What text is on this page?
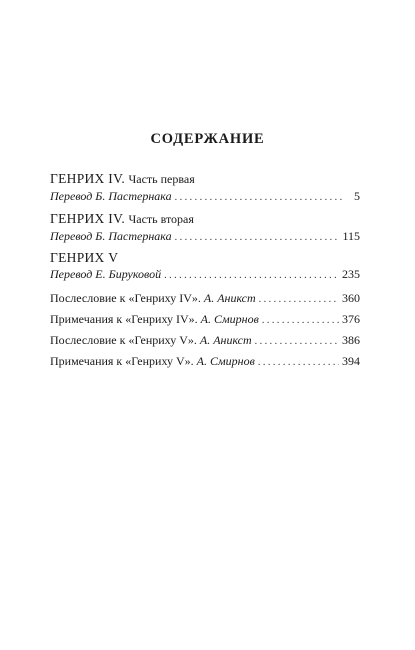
СОДЕРЖАНИЕ
ГЕНРИХ IV. Часть первая
Перевод Б. Пастернака . . .	5
ГЕНРИХ IV. Часть вторая
Перевод Б. Пастернака . . .	115
ГЕНРИХ V
Перевод Е. Бируковой . . .	235
Послесловие к «Генриху IV». А. Аникст . . .	360
Примечания к «Генриху IV». А. Смирнов . . .	376
Послесловие к «Генриху V». А. Аникст . . .	386
Примечания к «Генриху V». А. Смирнов . . .	394
